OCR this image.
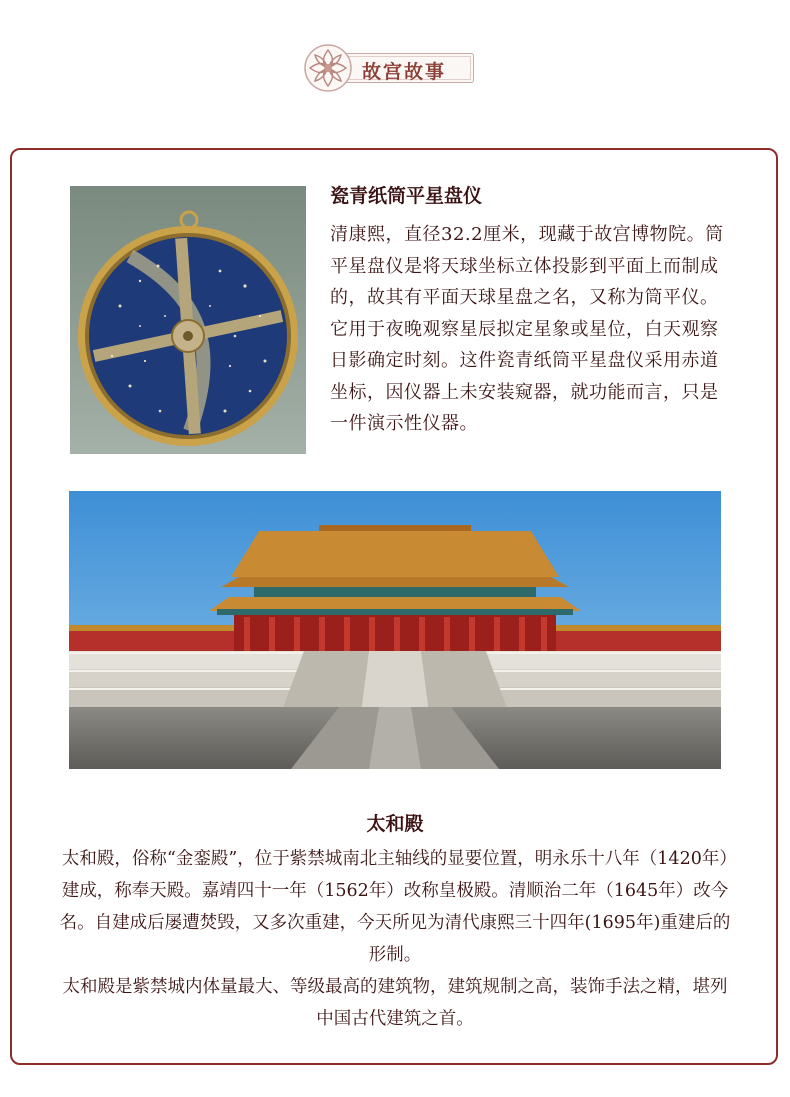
故宫故事
瓷青纸筒平星盘仪
清康熙，直径32.2厘米，现藏于故宫博物院。筒平星盘仪是将天球坐标立体投影到平面上而制成的，故其有平面天球星盘之名，又称为筒平仪。它用于夜晚观察星辰拟定星象或星位，白天观察日影确定时刻。这件瓷青纸筒平星盘仪采用赤道坐标，因仪器上未安装窥器，就功能而言，只是一件演示性仪器。
太和殿

太和殿，俗称“金銮殿”，位于紫禁城南北主轴线的显要位置，明永乐十八年（1420年）建成，称奉天殿。嘉靖四十一年（1562年）改称皇极殿。清顺治二年（1645年）改今名。自建成后屡遭焚毁，又多次重建，今天所见为清代康熙三十四年(1695年)重建后的形制。

太和殿是紫禁城内体量最大、等级最高的建筑物，建筑规制之高，装饰手法之精，堪列中国古代建筑之首。
